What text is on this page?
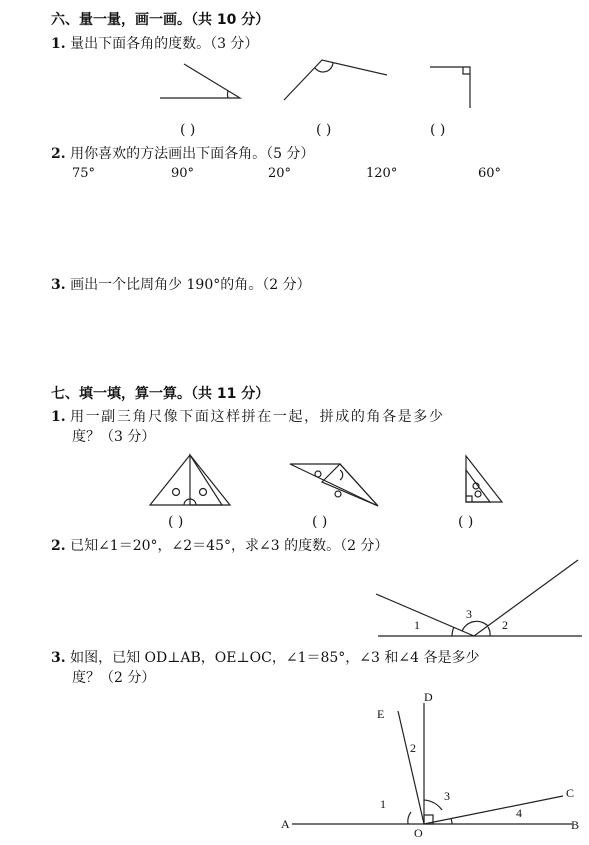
六、量一量，画一画。（共 10 分）
1. 量出下面各角的度数。（3 分）
( )	( )	( )
2. 用你喜欢的方法画出下面各角。（5 分）
75°	90°	20°	120°	60°
3. 画出一个比周角少 190°的角。（2 分）
七、填一填，算一算。（共 11 分）
1. 用一副三角尺像下面这样拼在一起，拼成的角各是多少
度？（3 分）
( )	( )	( )
2. 已知∠1＝20°，∠2＝45°，求∠3 的度数。（2 分）
3. 如图，已知 OD⊥AB，OE⊥OC，∠1＝85°，∠3 和∠4 各是多少
度？（2 分）
1
3
2
A	B
C
D
E
O
1
2
3
4
